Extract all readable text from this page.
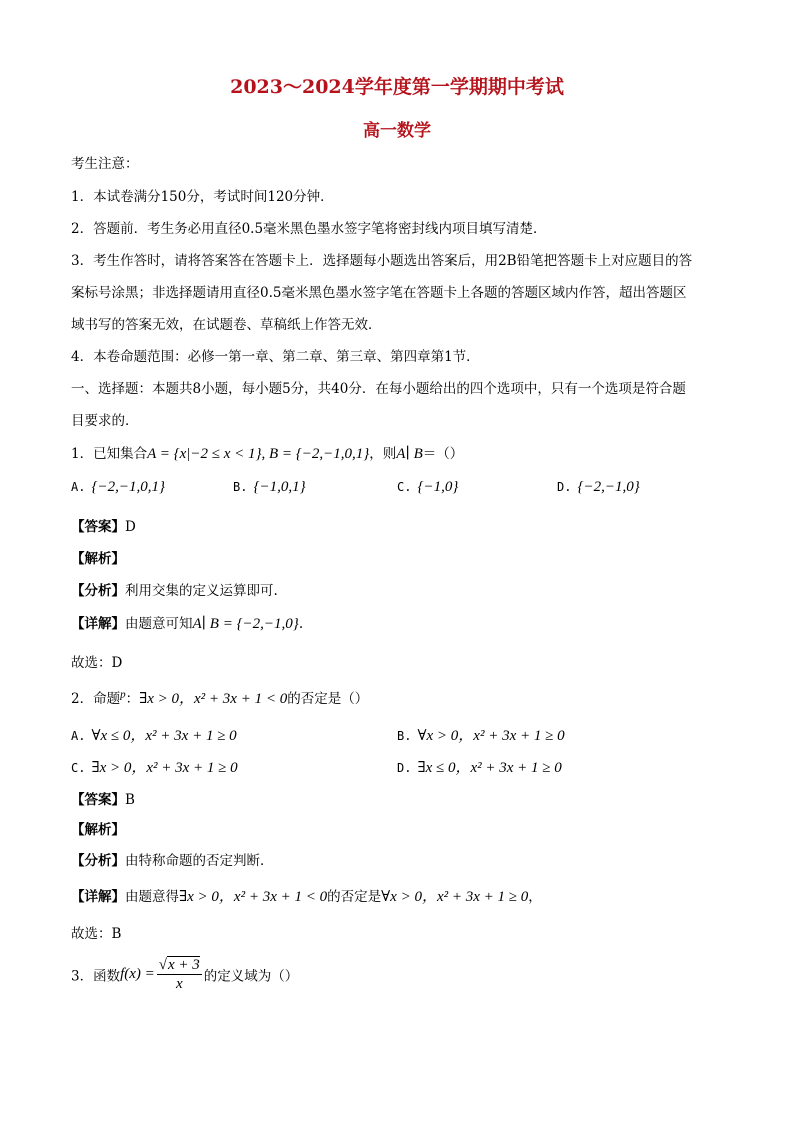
2023～2024学年度第一学期期中考试
高一数学
考生注意：
1．本试卷满分150分，考试时间120分钟．
2．答题前．考生务必用直径0.5毫米黑色墨水签字笔将密封线内项目填写清楚．
3．考生作答时，请将答案答在答题卡上．选择题每小题选出答案后，用2B铅笔把答题卡上对应题目的答
案标号涂黑；非选择题请用直径0.5毫米黑色墨水签字笔在答题卡上各题的答题区域内作答，超出答题区
域书写的答案无效，在试题卷、草稿纸上作答无效．
4．本卷命题范围：必修一第一章、第二章、第三章、第四章第1节．
一、选择题：本题共8小题，每小题5分，共40分．在每小题给出的四个选项中，只有一个选项是符合题
目要求的．
1．已知集合A = {x|−2 ≤ x < 1}, B = {−2,−1,0,1}，则A∣ B＝（）
A. {−2,−1,0,1}	B. {−1,0,1}	C. {−1,0}	D. {−2,−1,0}
【答案】D
【解析】
【分析】利用交集的定义运算即可.
【详解】由题意可知A∣ B = {−2,−1,0}.
故选：D
2．命题$^p$：∃x > 0，x² + 3x + 1 < 0的否定是（）
A. ∀x ≤ 0，x² + 3x + 1 ≥ 0	B. ∀x > 0，x² + 3x + 1 ≥ 0
C. ∃x > 0，x² + 3x + 1 ≥ 0	D. ∃x ≤ 0，x² + 3x + 1 ≥ 0
【答案】B
【解析】
【分析】由特称命题的否定判断．
【详解】由题意得∃x > 0，x² + 3x + 1 < 0的否定是∀x > 0，x² + 3x + 1 ≥ 0，
故选：B
3．函数$f(x) = \frac{√x + 3}{x}$ 的定义域为（）
